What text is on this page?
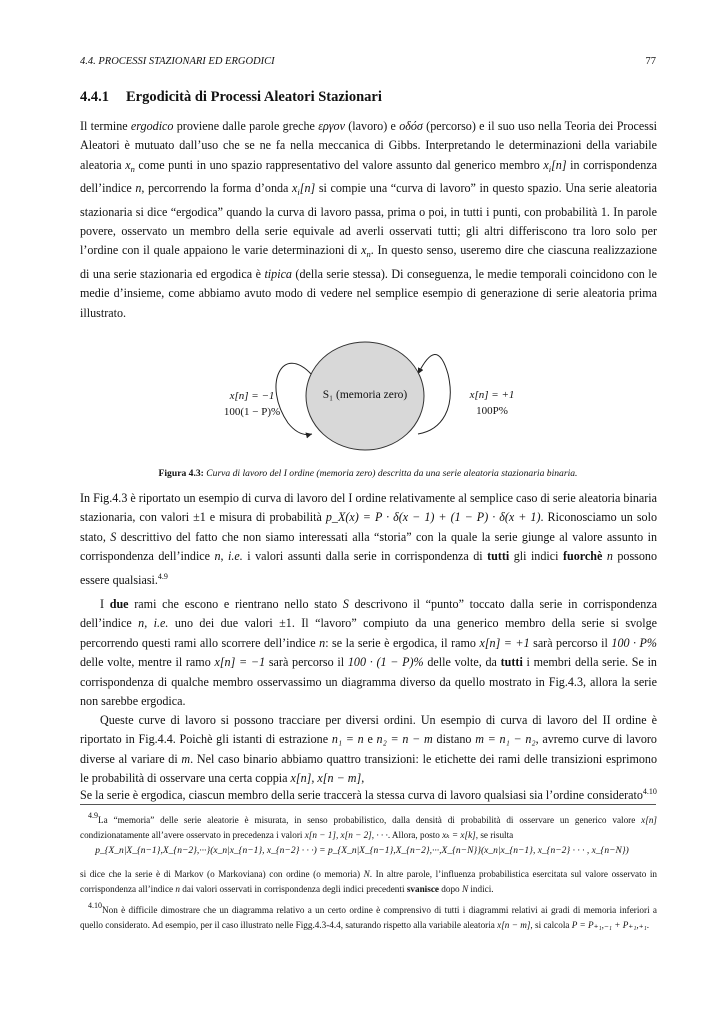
4.4. PROCESSI STAZIONARI ED ERGODICI	77
4.4.1 Ergodicità di Processi Aleatori Stazionari
Il termine ergodico proviene dalle parole greche εργον (lavoro) e οδόσ (percorso) e il suo uso nella Teoria dei Processi Aleatori è mutuato dall’uso che se ne fa nella meccanica di Gibbs. Interpretando le determinazioni della variabile aleatoria $x_n$ come punti in uno spazio rappresentativo del valore assunto dal generico membro $x_i[n]$ in corrispondenza dell’indice n, percorrendo la forma d’onda $x_i[n]$ si compie una “curva di lavoro” in questo spazio. Una serie aleatoria stazionaria si dice “ergodica” quando la curva di lavoro passa, prima o poi, in tutti i punti, con probabilità 1. In parole povere, osservato un membro della serie equivale ad averli osservati tutti; gli altri differiscono tra loro solo per l’ordine con il quale appaiono le varie determinazioni di $x_n$. In questo senso, useremo dire che ciascuna realizzazione di una serie stazionaria ed ergodica è tipica (della serie stessa). Di conseguenza, le medie temporali coincidono con le medie d’insieme, come abbiamo avuto modo di vedere nel semplice esempio di generazione di serie aleatoria prima illustrato.
S₁ (memoria zero)
x[n] = −1
100(1 − P)%
x[n] = +1
100P%
Figura 4.3: Curva di lavoro del I ordine (memoria zero) descritta da una serie aleatoria stazionaria binaria.
In Fig.4.3 è riportato un esempio di curva di lavoro del I ordine relativamente al semplice caso di serie aleatoria binaria stazionaria, con valori ±1 e misura di probabilità p_X(x) = P · δ(x − 1) + (1 − P) · δ(x + 1). Riconosciamo un solo stato, S descrittivo del fatto che non siamo interessati alla “storia” con la quale la serie giunge al valore assunto in corrispondenza dell’indice n, i.e. i valori assunti dalla serie in corrispondenza di tutti gli indici fuorchè n possono essere qualsiasi.$^{4.9}$
I due rami che escono e rientrano nello stato S descrivono il “punto” toccato dalla serie in corrispondenza dell’indice n, i.e. uno dei due valori ±1. Il “lavoro” compiuto da una generico membro della serie si svolge percorrendo questi rami allo scorrere dell’indice n: se la serie è ergodica, il ramo x[n] = +1 sarà percorso il 100 · P% delle volte, mentre il ramo x[n] = −1 sarà percorso il 100 · (1 − P)% delle volte, da tutti i membri della serie. Se in corrispondenza di qualche membro osservassimo un diagramma diverso da quello mostrato in Fig.4.3, allora la serie non sarebbe ergodica.
Queste curve di lavoro si possono tracciare per diversi ordini. Un esempio di curva di lavoro del II ordine è riportato in Fig.4.4. Poichè gli istanti di estrazione n₁ = n e n₂ = n − m distano m = n₁ − n₂, avremo curve di lavoro diverse al variare di m. Nel caso binario abbiamo quattro transizioni: le etichette dei rami delle transizioni esprimono le probabilità di osservare una certa coppia x[n], x[n − m],
Se la serie è ergodica, ciascun membro della serie traccerà la stessa curva di lavoro qualsiasi sia l’ordine considerato$^{4.10}$
4.9La “memoria” delle serie aleatorie è misurata, in senso probabilistico, dalla densità di probabilità di osservare un generico valore x[n] condizionatamente all’avere osservato in precedenza i valori x[n − 1], x[n − 2], · · ·. Allora, posto xₖ = x[k], se risulta
p_{X_n|X_{n−1},X_{n−2},···}(x_n|x_{n−1}, x_{n−2} · · ·) = p_{X_n|X_{n−1},X_{n−2},···,X_{n−N}}(x_n|x_{n−1}, x_{n−2} · · · , x_{n−N})
si dice che la serie è di Markov (o Markoviana) con ordine (o memoria) N. In altre parole, l’influenza probabilistica esercitata sul valore osservato in corrispondenza all’indice n dai valori osservati in corrispondenza degli indici precedenti svanisce dopo N indici.
4.10Non è difficile dimostrare che un diagramma relativo a un certo ordine è comprensivo di tutti i diagrammi relativi ai gradi di memoria inferiori a quello considerato. Ad esempio, per il caso illustrato nelle Figg.4.3-4.4, saturando rispetto alla variabile aleatoria x[n − m], si calcola P = P₊₁,₋₁ + P₊₁,₊₁.
